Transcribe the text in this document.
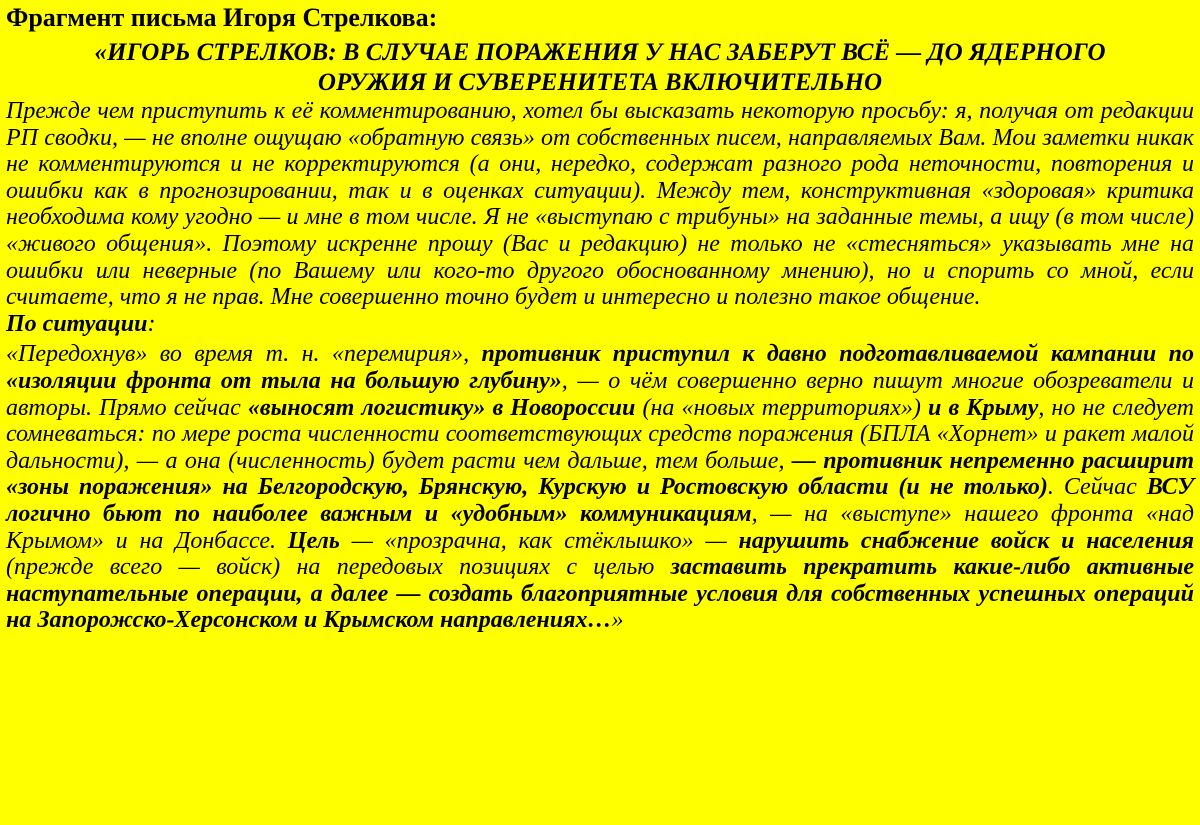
Фрагмент письма Игоря Стрелкова:
«ИГОРЬ СТРЕЛКОВ: В СЛУЧАЕ ПОРАЖЕНИЯ У НАС ЗАБЕРУТ ВСЁ — ДО ЯДЕРНОГО
ОРУЖИЯ И СУВЕРЕНИТЕТА ВКЛЮЧИТЕЛЬНО

Прежде чем приступить к её комментированию, хотел бы высказать некоторую просьбу: я, получая от редакции РП сводки, — не вполне ощущаю «обратную связь» от собственных писем, направляемых Вам. Мои заметки никак не комментируются и не корректируются (а они, нередко, содержат разного рода неточности, повторения и ошибки как в прогнозировании, так и в оценках ситуации). Между тем, конструктивная «здоровая» критика необходима кому угодно — и мне в том числе. Я не «выступаю с трибуны» на заданные темы, а ищу (в том числе) «живого общения». Поэтому искренне прошу (Вас и редакцию) не только не «стесняться» указывать мне на ошибки или неверные (по Вашему или кого-то другого обоснованному мнению), но и спорить со мной, если считаете, что я не прав. Мне совершенно точно будет и интересно и полезно такое общение.

По ситуации:

«Передохнув» во время т. н. «перемирия», противник приступил к давно подготавливаемой кампании по «изоляции фронта от тыла на большую глубину», — о чём совершенно верно пишут многие обозреватели и авторы. Прямо сейчас «выносят логистику» в Новороссии (на «новых территориях») и в Крыму, но не следует сомневаться: по мере роста численности соответствующих средств поражения (БПЛА «Хорнет» и ракет малой дальности), — а она (численность) будет расти чем дальше, тем больше, — противник непременно расширит «зоны поражения» на Белгородскую, Брянскую, Курскую и Ростовскую области (и не только). Сейчас ВСУ логично бьют по наиболее важным и «удобным» коммуникациям, — на «выступе» нашего фронта «над Крымом» и на Донбассе. Цель — «прозрачна, как стёклышко» — нарушить снабжение войск и населения (прежде всего — войск) на передовых позициях с целью заставить прекратить какие-либо активные наступательные операции, а далее — создать благоприятные условия для собственных успешных операций на Запорожско-Херсонском и Крымском направлениях…»
